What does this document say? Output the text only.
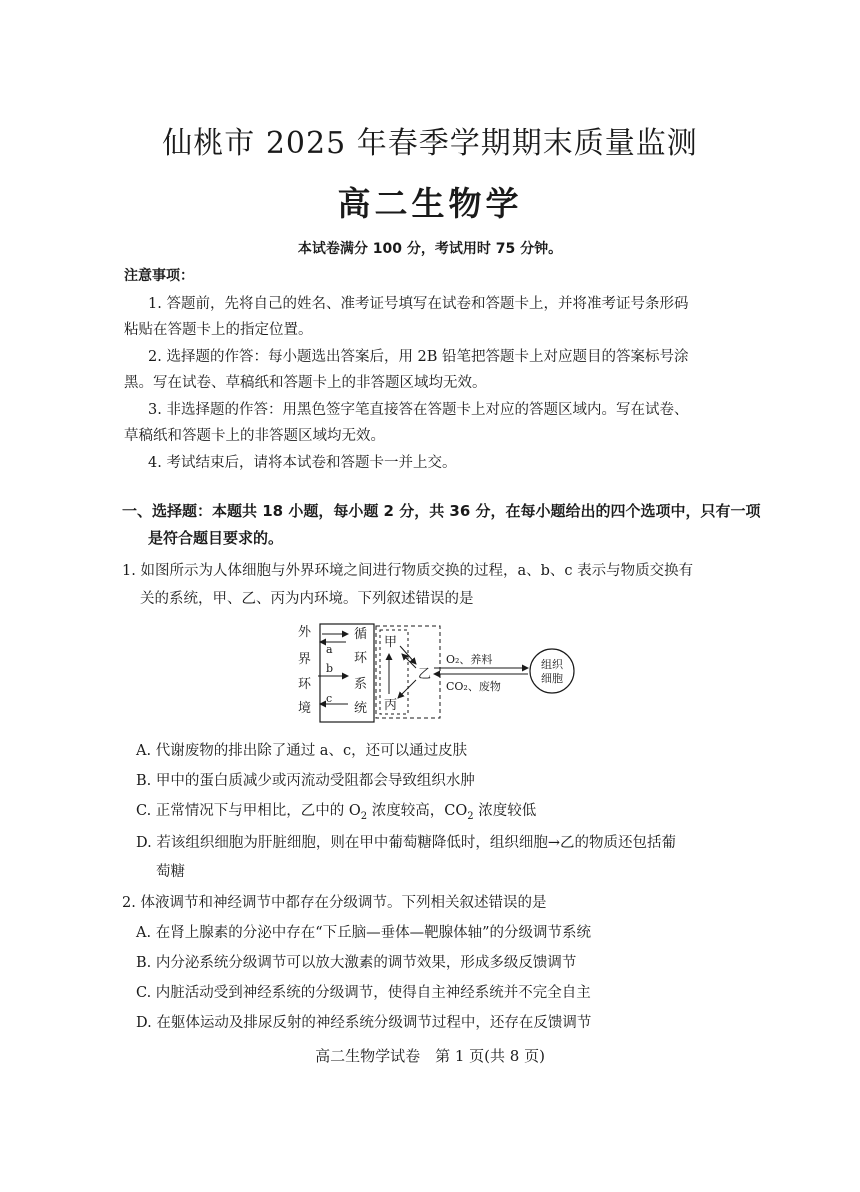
仙桃市 2025 年春季学期期末质量监测
高二生物学
本试卷满分 100 分，考试用时 75 分钟。
注意事项：
1. 答题前，先将自己的姓名、准考证号填写在试卷和答题卡上，并将准考证号条形码
粘贴在答题卡上的指定位置。
2. 选择题的作答：每小题选出答案后，用 2B 铅笔把答题卡上对应题目的答案标号涂
黑。写在试卷、草稿纸和答题卡上的非答题区域均无效。
3. 非选择题的作答：用黑色签字笔直接答在答题卡上对应的答题区域内。写在试卷、
草稿纸和答题卡上的非答题区域均无效。
4. 考试结束后，请将本试卷和答题卡一并上交。
一、选择题：本题共 18 小题，每小题 2 分，共 36 分，在每小题给出的四个选项中，只有一项
是符合题目要求的。
1. 如图所示为人体细胞与外界环境之间进行物质交换的过程，a、b、c 表示与物质交换有
关的系统，甲、乙、丙为内环境。下列叙述错误的是
外
界
环
境
循
环
系
统
a
b
c
甲
丙
乙
O₂、养料
CO₂、废物
组织
细胞
A. 代谢废物的排出除了通过 a、c，还可以通过皮肤
B. 甲中的蛋白质减少或丙流动受阻都会导致组织水肿
C. 正常情况下与甲相比，乙中的 $O_2$ 浓度较高，$CO_2$ 浓度较低
D. 若该组织细胞为肝脏细胞，则在甲中葡萄糖降低时，组织细胞→乙的物质还包括葡
萄糖
2. 体液调节和神经调节中都存在分级调节。下列相关叙述错误的是
A. 在肾上腺素的分泌中存在“下丘脑—垂体—靶腺体轴”的分级调节系统
B. 内分泌系统分级调节可以放大激素的调节效果，形成多级反馈调节
C. 内脏活动受到神经系统的分级调节，使得自主神经系统并不完全自主
D. 在躯体运动及排尿反射的神经系统分级调节过程中，还存在反馈调节
高二生物学试卷　第 1 页(共 8 页)
